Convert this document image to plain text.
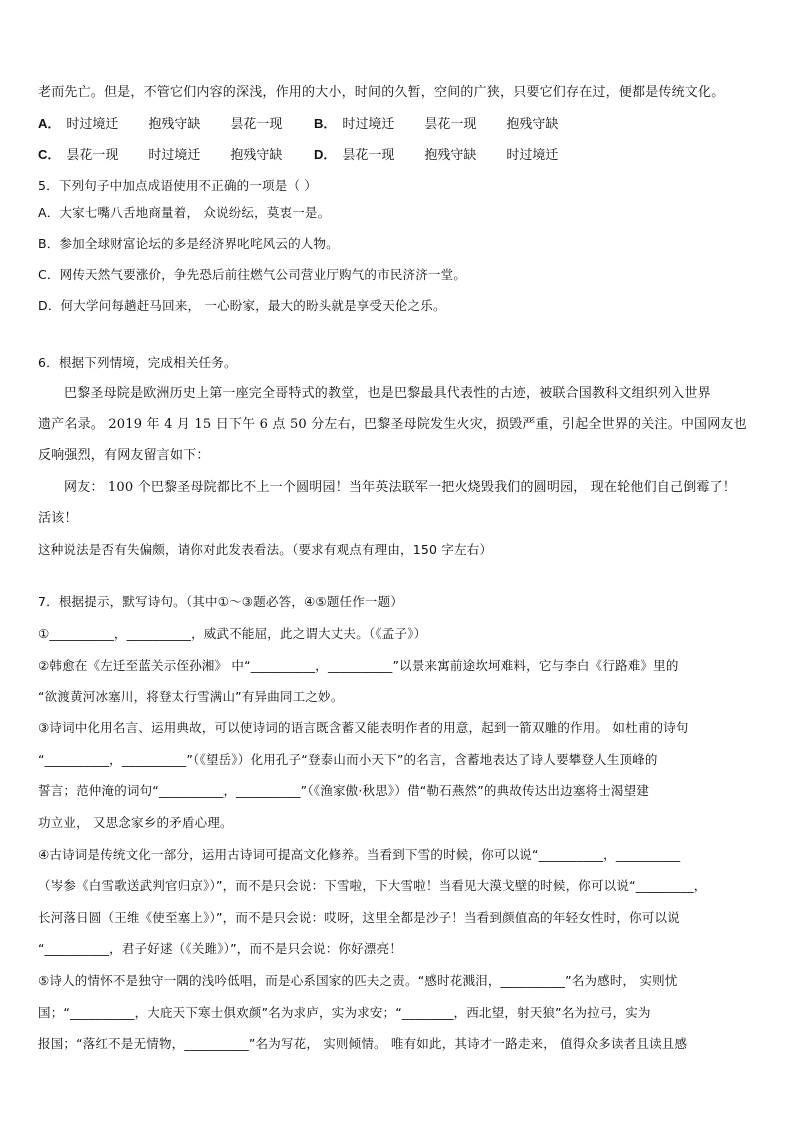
老而先亡。但是，不管它们内容的深浅，作用的大小，时间的久暂，空间的广狭，只要它们存在过，便都是传统文化。
A． 时过境迁 抱残守缺 昙花一现	B． 时过境迁 昙花一现 抱残守缺
C． 昙花一现 时过境迁 抱残守缺	D． 昙花一现 抱残守缺 时过境迁
5．下列句子中加点成语使用不正确的一项是（ ）
A．大家七嘴八舌地商量着， 众说纷纭，莫衷一是。
B．参加全球财富论坛的多是经济界叱咤风云的人物。
C．网传天然气要涨价，争先恐后前往燃气公司营业厅购气的市民济济一堂。
D．何大学问每趟赶马回来， 一心盼家，最大的盼头就是享受天伦之乐。
6．根据下列情境，完成相关任务。
巴黎圣母院是欧洲历史上第一座完全哥特式的教堂，也是巴黎最具代表性的古迹，被联合国教科文组织列入世界
遗产名录。 2019 年 4 月 15 日下午 6 点 50 分左右，巴黎圣母院发生火灾，损毁严重，引起全世界的关注。中国网友也
反响强烈，有网友留言如下：
网友： 100 个巴黎圣母院都比不上一个圆明园！当年英法联军一把火烧毁我们的圆明园， 现在轮他们自己倒霉了！
活该！
这种说法是否有失偏颇，请你对此发表看法。（要求有观点有理由，150 字左右）
7．根据提示，默写诗句。（其中①～③题必答，④⑤题任作一题）
①__________，__________，威武不能屈，此之谓大丈夫。（《孟子》）
②韩愈在《左迁至蓝关示侄孙湘》 中“__________，__________”以景来寓前途坎坷难料，它与李白《行路难》里的
“欲渡黄河冰塞川，将登太行雪满山”有异曲同工之妙。
③诗词中化用名言、运用典故，可以使诗词的语言既含蓄又能表明作者的用意，起到一箭双雕的作用。 如杜甫的诗句
“__________，__________”（《望岳》）化用孔子“登泰山而小天下”的名言，含蓄地表达了诗人要攀登人生顶峰的
誓言；范仲淹的词句“__________，__________”（《渔家傲·秋思》）借“勒石燕然”的典故传达出边塞将士渴望建
功立业， 又思念家乡的矛盾心理。
④古诗词是传统文化一部分，运用古诗词可提高文化修养。当看到下雪的时候，你可以说“__________，__________
（岑参《白雪歌送武判官归京》）”，而不是只会说：下雪啦，下大雪啦！当看见大漠戈壁的时候，你可以说“_________，
长河落日圆（王维《使至塞上》）”，而不是只会说：哎呀，这里全都是沙子！当看到颜值高的年轻女性时，你可以说
“__________，君子好逑（《关雎》）”，而不是只会说：你好漂亮！
⑤诗人的情怀不是独守一隅的浅吟低唱，而是心系国家的匹夫之责。“感时花溅泪，__________”名为感时， 实则忧
国；“__________，大庇天下寒士俱欢颜”名为求庐，实为求安；“________，西北望，射天狼”名为拉弓，实为
报国；“落红不是无情物，__________”名为写花， 实则倾情。 唯有如此，其诗才一路走来， 值得众多读者且读且感
